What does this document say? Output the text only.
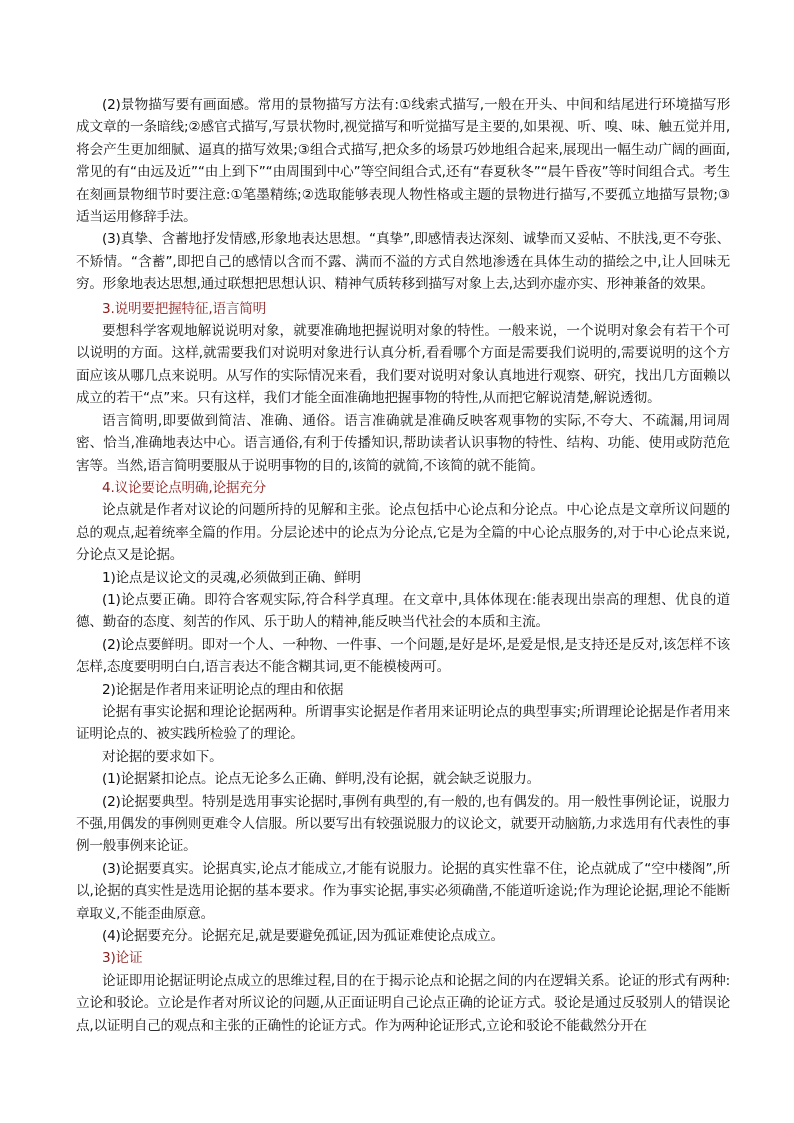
(2)景物描写要有画面感。常用的景物描写方法有:①线索式描写,一般在开头、中间和结尾进行环境描写形成文章的一条暗线;②感官式描写,写景状物时,视觉描写和听觉描写是主要的,如果视、听、嗅、味、触五觉并用,将会产生更加细腻、逼真的描写效果;③组合式描写,把众多的场景巧妙地组合起来,展现出一幅生动广阔的画面,常见的有“由远及近”“由上到下”“由周围到中心”等空间组合式,还有“春夏秋冬”“晨午昏夜”等时间组合式。考生在刻画景物细节时要注意:①笔墨精练;②选取能够表现人物性格或主题的景物进行描写,不要孤立地描写景物;③适当运用修辞手法。

(3)真挚、含蓄地抒发情感,形象地表达思想。“真挚”,即感情表达深刻、诚挚而又妥帖、不肤浅,更不夸张、不矫情。“含蓄”,即把自己的感情以含而不露、满而不溢的方式自然地渗透在具体生动的描绘之中,让人回味无穷。形象地表达思想,通过联想把思想认识、精神气质转移到描写对象上去,达到亦虚亦实、形神兼备的效果。

3.说明要把握特征,语言简明

要想科学客观地解说说明对象，就要准确地把握说明对象的特性。一般来说，一个说明对象会有若干个可以说明的方面。这样,就需要我们对说明对象进行认真分析,看看哪个方面是需要我们说明的,需要说明的这个方面应该从哪几点来说明。从写作的实际情况来看，我们要对说明对象认真地进行观察、研究，找出几方面赖以成立的若干“点”来。只有这样，我们才能全面准确地把握事物的特性,从而把它解说清楚,解说透彻。

语言简明,即要做到简洁、准确、通俗。语言准确就是准确反映客观事物的实际,不夸大、不疏漏,用词周密、恰当,准确地表达中心。语言通俗,有利于传播知识,帮助读者认识事物的特性、结构、功能、使用或防范危害等。当然,语言简明要服从于说明事物的目的,该简的就简,不该简的就不能简。

4.议论要论点明确,论据充分

论点就是作者对议论的问题所持的见解和主张。论点包括中心论点和分论点。中心论点是文章所议问题的总的观点,起着统率全篇的作用。分层论述中的论点为分论点,它是为全篇的中心论点服务的,对于中心论点来说,分论点又是论据。

1)论点是议论文的灵魂,必须做到正确、鲜明

(1)论点要正确。即符合客观实际,符合科学真理。在文章中,具体体现在:能表现出崇高的理想、优良的道德、勤奋的态度、刻苦的作风、乐于助人的精神,能反映当代社会的本质和主流。

(2)论点要鲜明。即对一个人、一种物、一件事、一个问题,是好是坏,是爱是恨,是支持还是反对,该怎样不该怎样,态度要明明白白,语言表达不能含糊其词,更不能模棱两可。

2)论据是作者用来证明论点的理由和依据

论据有事实论据和理论论据两种。所谓事实论据是作者用来证明论点的典型事实;所谓理论论据是作者用来证明论点的、被实践所检验了的理论。

对论据的要求如下。

(1)论据紧扣论点。论点无论多么正确、鲜明,没有论据，就会缺乏说服力。

(2)论据要典型。特别是选用事实论据时,事例有典型的,有一般的,也有偶发的。用一般性事例论证，说服力不强,用偶发的事例则更难令人信服。所以要写出有较强说服力的议论文，就要开动脑筋,力求选用有代表性的事例一般事例来论证。

(3)论据要真实。论据真实,论点才能成立,才能有说服力。论据的真实性靠不住，论点就成了“空中楼阁”,所以,论据的真实性是选用论据的基本要求。作为事实论据,事实必须确凿,不能道听途说;作为理论论据,理论不能断章取义,不能歪曲原意。

(4)论据要充分。论据充足,就是要避免孤证,因为孤证难使论点成立。

3)论证

论证即用论据证明论点成立的思维过程,目的在于揭示论点和论据之间的内在逻辑关系。论证的形式有两种:立论和驳论。立论是作者对所议论的问题,从正面证明自己论点正确的论证方式。驳论是通过反驳别人的错误论点,以证明自己的观点和主张的正确性的论证方式。作为两种论证形式,立论和驳论不能截然分开在
